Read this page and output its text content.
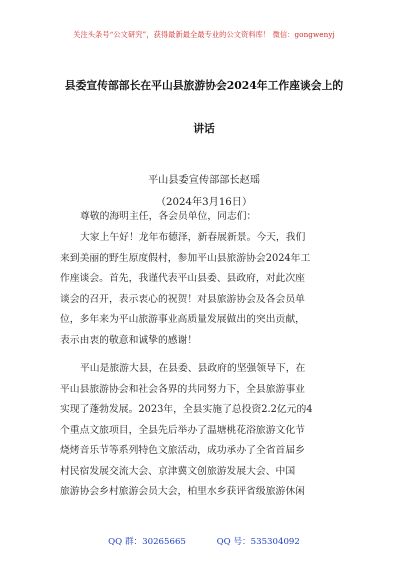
关注头条号“公文研究”，获得最新最全最专业的公文资料库！ 微信：gongwenyj
县委宣传部部长在平山县旅游协会2024年工作座谈会上的
讲话
平山县委宣传部部长赵瑶
（2024年3月16日）
尊敬的海明主任，各会员单位，同志们：
大家上午好！龙年布德泽，新春展新景。今天，我们
来到美丽的野生原度假村，参加平山县旅游协会2024年工
作座谈会。首先，我谨代表平山县委、县政府，对此次座
谈会的召开，表示衷心的祝贺！对县旅游协会及各会员单
位，多年来为平山旅游事业高质量发展做出的突出贡献，
表示由衷的敬意和诚挚的感谢！
平山是旅游大县，在县委、县政府的坚强领导下，在
平山县旅游协会和社会各界的共同努力下，全县旅游事业
实现了蓬勃发展。2023年，全县实施了总投资2.2亿元的4
个重点文旅项目，全县先后举办了温塘桃花浴旅游文化节
烧烤音乐节等系列特色文旅活动，成功承办了全省首届乡
村民宿发展交流大会、京津冀文创旅游发展大会、中国
旅游协会乡村旅游会员大会，柏里水乡获评省级旅游休闲
QQ 群：30265665	QQ 号：535304092
